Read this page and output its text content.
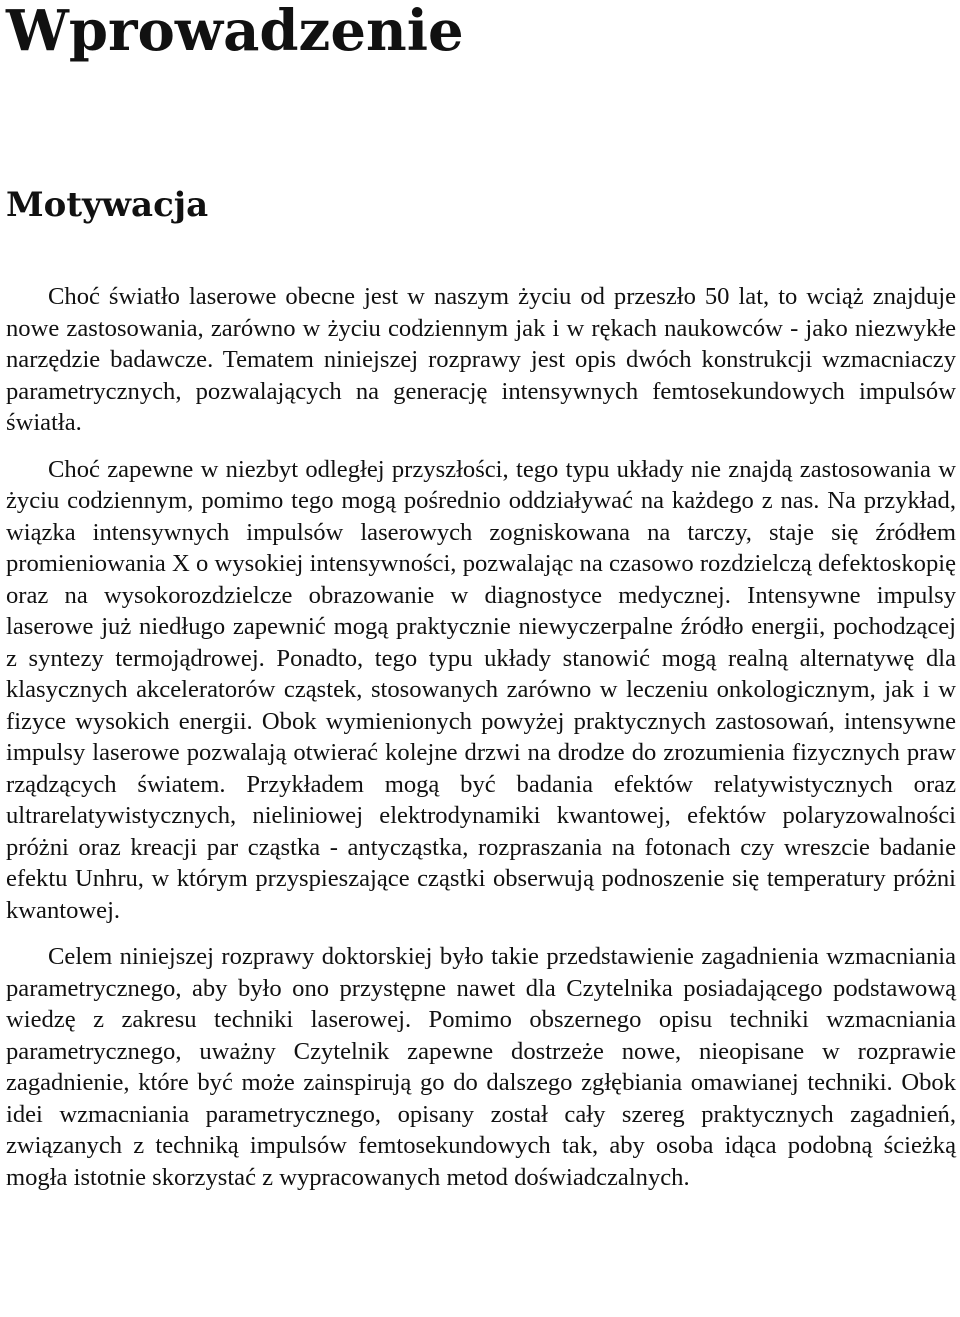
Wprowadzenie
Motywacja

Choć światło laserowe obecne jest w naszym życiu od przeszło 50 lat, to wciąż znajduje nowe zastosowania, zarówno w życiu codziennym jak i w rękach naukowców - jako niezwykłe narzędzie badawcze. Tematem niniejszej rozprawy jest opis dwóch konstrukcji wzmacniaczy parametrycznych, pozwalających na generację intensywnych femtosekundowych impulsów światła.

Choć zapewne w niezbyt odległej przyszłości, tego typu układy nie znajdą zastosowania w życiu codziennym, pomimo tego mogą pośrednio oddziaływać na każdego z nas. Na przykład, wiązka intensywnych impulsów laserowych zogniskowana na tarczy, staje się źródłem promieniowania X o wysokiej intensywności, pozwalając na czasowo rozdzielczą defektoskopię oraz na wysokorozdzielcze obrazowanie w diagnostyce medycznej. Intensywne impulsy laserowe już niedługo zapewnić mogą praktycznie niewyczerpalne źródło energii, pochodzącej z syntezy termojądrowej. Ponadto, tego typu układy stanowić mogą realną alternatywę dla klasycznych akceleratorów cząstek, stosowanych zarówno w leczeniu onkologicznym, jak i w fizyce wysokich energii. Obok wymienionych powyżej praktycznych zastosowań, intensywne impulsy laserowe pozwalają otwierać kolejne drzwi na drodze do zrozumienia fizycznych praw rządzących światem. Przykładem mogą być badania efektów relatywistycznych oraz ultrarelatywistycznych, nieliniowej elektrodynamiki kwantowej, efektów polaryzowalności próżni oraz kreacji par cząstka - antycząstka, rozpraszania na fotonach czy wreszcie badanie efektu Unhru, w którym przyspieszające cząstki obserwują podnoszenie się temperatury próżni kwantowej.

Celem niniejszej rozprawy doktorskiej było takie przedstawienie zagadnienia wzmacniania parametrycznego, aby było ono przystępne nawet dla Czytelnika posiadającego podstawową wiedzę z zakresu techniki laserowej. Pomimo obszernego opisu techniki wzmacniania parametrycznego, uważny Czytelnik zapewne dostrzeże nowe, nieopisane w rozprawie zagadnienie, które być może zainspirują go do dalszego zgłębiania omawianej techniki. Obok idei wzmacniania parametrycznego, opisany został cały szereg praktycznych zagadnień, związanych z techniką impulsów femtosekundowych tak, aby osoba idąca podobną ścieżką mogła istotnie skorzystać z wypracowanych metod doświadczalnych.
